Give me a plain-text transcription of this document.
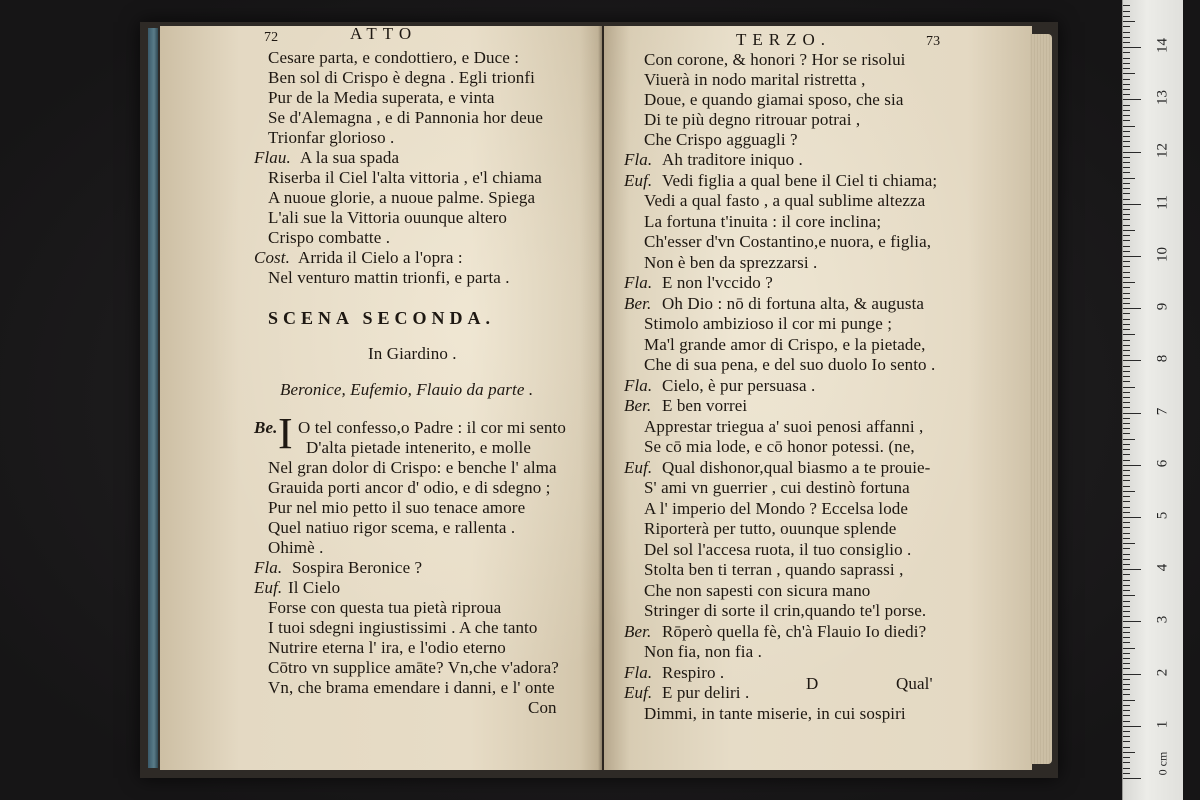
72	ATTO
Cesare parta, e condottiero, e Duce :
Ben sol di Crispo è degna . Egli trionfi
Pur de la Media superata, e vinta
Se d'Alemagna , e di Pannonia hor deue
Trionfar glorioso .
Flau. A la sua spada
Riserba il Ciel l'alta vittoria , e'l chiama
A nuoue glorie, a nuoue palme. Spiega
L'ali sue la Vittoria ouunque altero
Crispo combatte .
Cost. Arrida il Cielo a l'opra :
Nel venturo mattin trionfi, e parta .
SCENA SECONDA.
In Giardino .
Beronice, Eufemio, Flauio da parte .
Be. I O tel confesso,o Padre : il cor mi sento
D'alta pietade intenerito, e molle
Nel gran dolor di Crispo: e benche l' alma
Grauida porti ancor d' odio, e di sdegno ;
Pur nel mio petto il suo tenace amore
Quel natiuo rigor scema, e rallenta .
Ohimè .
Fla. Sospira Beronice ?
Euf. Il Cielo
Forse con questa tua pietà riproua
I tuoi sdegni ingiustissimi . A che tanto
Nutrire eterna l' ira, e l'odio eterno
Cōtro vn supplice amāte? Vn,che v'adora?
Vn, che brama emendare i danni, e l' onte
Con
TERZO.	73
Con corone, & honori ? Hor se risolui
Viuerà in nodo marital ristretta ,
Doue, e quando giamai sposo, che sia
Di te più degno ritrouar potrai ,
Che Crispo agguagli ?
Fla. Ah traditore iniquo .
Euf. Vedi figlia a qual bene il Ciel ti chiama;
Vedi a qual fasto , a qual sublime altezza
La fortuna t'inuita : il core inclina;
Ch'esser d'vn Costantino,e nuora, e figlia,
Non è ben da sprezzarsi .
Fla. E non l'vccido ?
Ber. Oh Dio : nō di fortuna alta, & augusta
Stimolo ambizioso il cor mi punge ;
Ma'l grande amor di Crispo, e la pietade,
Che di sua pena, e del suo duolo Io sento .
Fla. Cielo, è pur persuasa .
Ber. E ben vorrei
Apprestar triegua a' suoi penosi affanni ,
Se cō mia lode, e cō honor potessi. (ne,
Euf. Qual dishonor,qual biasmo a te prouie-
S' ami vn guerrier , cui destinò fortuna
A l' imperio del Mondo ? Eccelsa lode
Riporterà per tutto, ouunque splende
Del sol l'accesa ruota, il tuo consiglio .
Stolta ben ti terran , quando saprassi ,
Che non sapesti con sicura mano
Stringer di sorte il crin,quando te'l porse.
Ber. Rōperò quella fè, ch'à Flauio Io diedi?
Non fia, non fia .
Fla. Respiro .
Euf. E pur deliri .
Dimmi, in tante miserie, in cui sospiri
D	Qual'
0 cm
1
2
3
4
5
6
7
8
9
10
11
12
13
14
